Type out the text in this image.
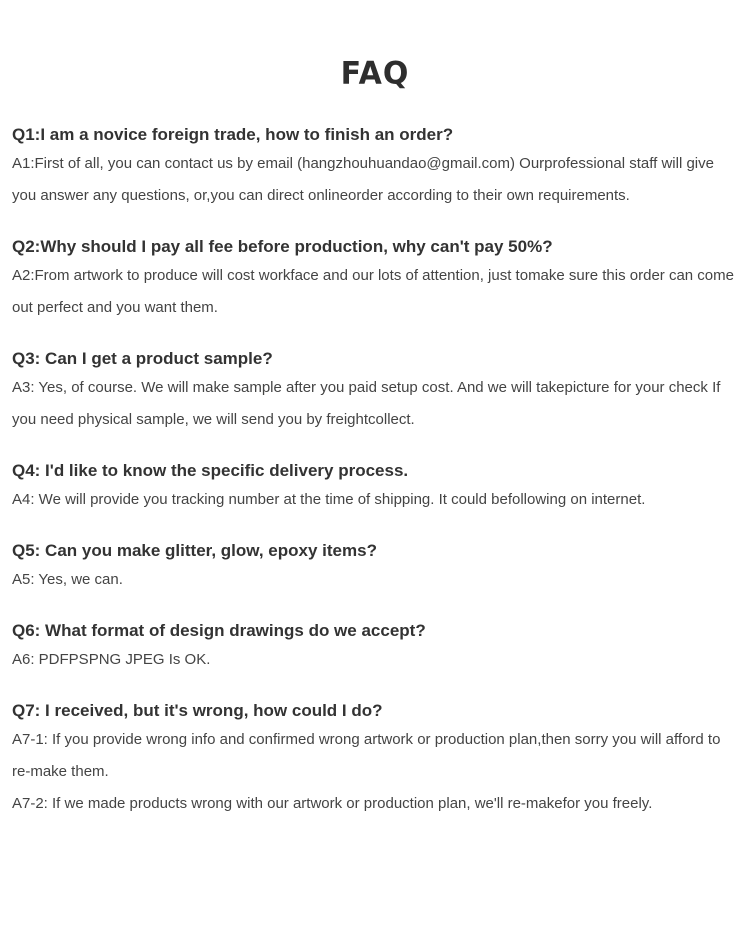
FAQ
Q1:I am a novice foreign trade, how to finish an order?
A1:First of all, you can contact us by email (hangzhouhuandao@gmail.com) Ourprofessional staff will give you answer any questions, or,you can direct onlineorder according to their own requirements.
Q2:Why should I pay all fee before production, why can't pay 50%?
A2:From artwork to produce will cost workface and our lots of attention, just tomake sure this order can come out perfect and you want them.
Q3: Can I get a product sample?
A3: Yes, of course. We will make sample after you paid setup cost. And we will takepicture for your check If you need physical sample, we will send you by freightcollect.
Q4: I'd like to know the specific delivery process.
A4: We will provide you tracking number at the time of shipping. It could befollowing on internet.
Q5: Can you make glitter, glow, epoxy items?
A5: Yes, we can.
Q6: What format of design drawings do we accept?
A6: PDFPSPNG JPEG Is OK.
Q7: I received, but it's wrong, how could I do?
A7-1: If you provide wrong info and confirmed wrong artwork or production plan,then sorry you will afford to re-make them.
A7-2: If we made products wrong with our artwork or production plan, we'll re-makefor you freely.
